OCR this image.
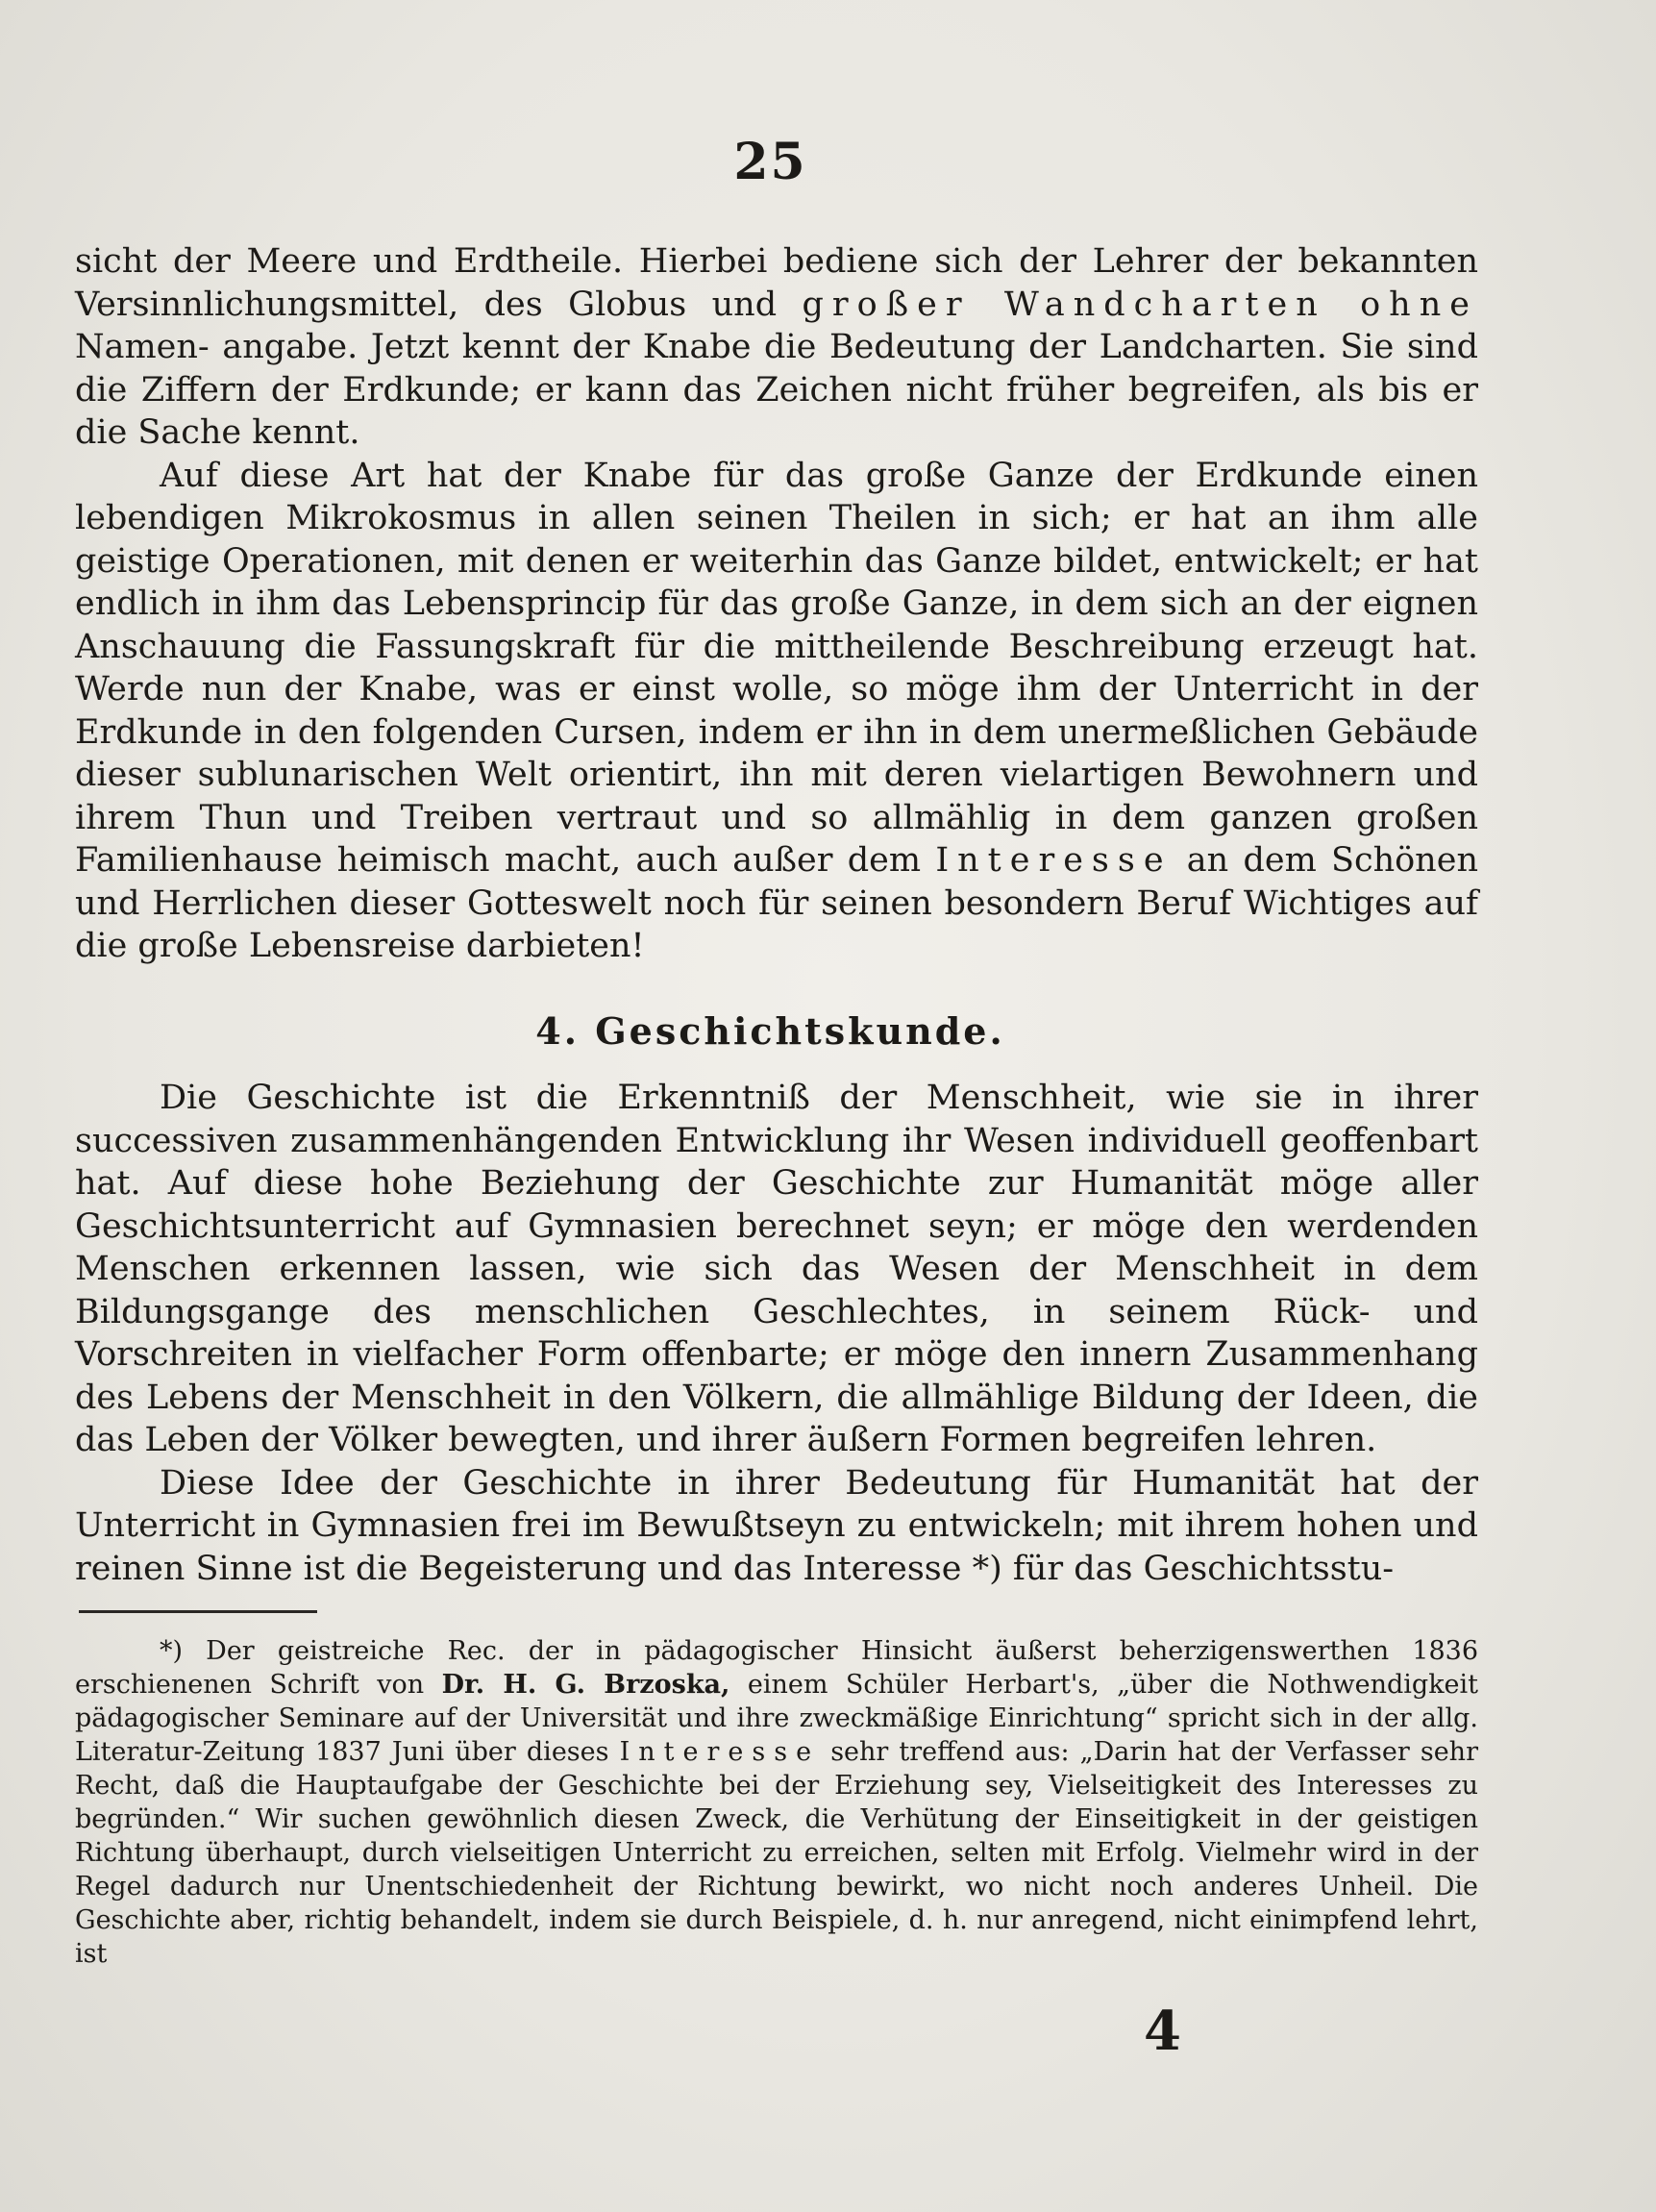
25

sicht der Meere und Erdtheile. Hierbei bediene sich der Lehrer der bekannten Versinnlichungsmittel, des Globus und großer Wandcharten ohne Namen- angabe. Jetzt kennt der Knabe die Bedeutung der Landcharten. Sie sind die Ziffern der Erdkunde; er kann das Zeichen nicht früher begreifen, als bis er die Sache kennt.

Auf diese Art hat der Knabe für das große Ganze der Erdkunde einen lebendigen Mikrokosmus in allen seinen Theilen in sich; er hat an ihm alle geistige Operationen, mit denen er weiterhin das Ganze bildet, entwickelt; er hat endlich in ihm das Lebensprincip für das große Ganze, in dem sich an der eignen Anschauung die Fassungskraft für die mittheilende Beschreibung erzeugt hat. Werde nun der Knabe, was er einst wolle, so möge ihm der Unterricht in der Erdkunde in den folgenden Cursen, indem er ihn in dem unermeßlichen Gebäude dieser sublunarischen Welt orientirt, ihn mit deren vielartigen Bewohnern und ihrem Thun und Treiben vertraut und so allmählig in dem ganzen großen Familienhause heimisch macht, auch außer dem Interesse an dem Schönen und Herrlichen dieser Gotteswelt noch für seinen besondern Beruf Wichtiges auf die große Lebensreise darbieten!

4. Geschichtskunde.

Die Geschichte ist die Erkenntniß der Menschheit, wie sie in ihrer successiven zusammenhängenden Entwicklung ihr Wesen individuell geoffenbart hat. Auf diese hohe Beziehung der Geschichte zur Humanität möge aller Geschichtsunterricht auf Gymnasien berechnet seyn; er möge den werdenden Menschen erkennen lassen, wie sich das Wesen der Menschheit in dem Bildungsgange des menschlichen Geschlechtes, in seinem Rück- und Vorschreiten in vielfacher Form offenbarte; er möge den innern Zusammenhang des Lebens der Menschheit in den Völkern, die allmählige Bildung der Ideen, die das Leben der Völker bewegten, und ihrer äußern Formen begreifen lehren.

Diese Idee der Geschichte in ihrer Bedeutung für Humanität hat der Unterricht in Gymnasien frei im Bewußtseyn zu entwickeln; mit ihrem hohen und reinen Sinne ist die Begeisterung und das Interesse *) für das Geschichtsstu-

*) Der geistreiche Rec. der in pädagogischer Hinsicht äußerst beherzigenswerthen 1836 erschienenen Schrift von Dr. H. G. Brzoska, einem Schüler Herbart's, „über die Nothwendigkeit pädagogischer Seminare auf der Universität und ihre zweckmäßige Einrichtung“ spricht sich in der allg. Literatur-Zeitung 1837 Juni über dieses Interesse sehr treffend aus: „Darin hat der Verfasser sehr Recht, daß die Hauptaufgabe der Geschichte bei der Erziehung sey, Vielseitigkeit des Interesses zu begründen.“ Wir suchen gewöhnlich diesen Zweck, die Verhütung der Einseitigkeit in der geistigen Richtung überhaupt, durch vielseitigen Unterricht zu erreichen, selten mit Erfolg. Vielmehr wird in der Regel dadurch nur Unentschiedenheit der Richtung bewirkt, wo nicht noch anderes Unheil. Die Geschichte aber, richtig behandelt, indem sie durch Beispiele, d. h. nur anregend, nicht einimpfend lehrt, ist

4
